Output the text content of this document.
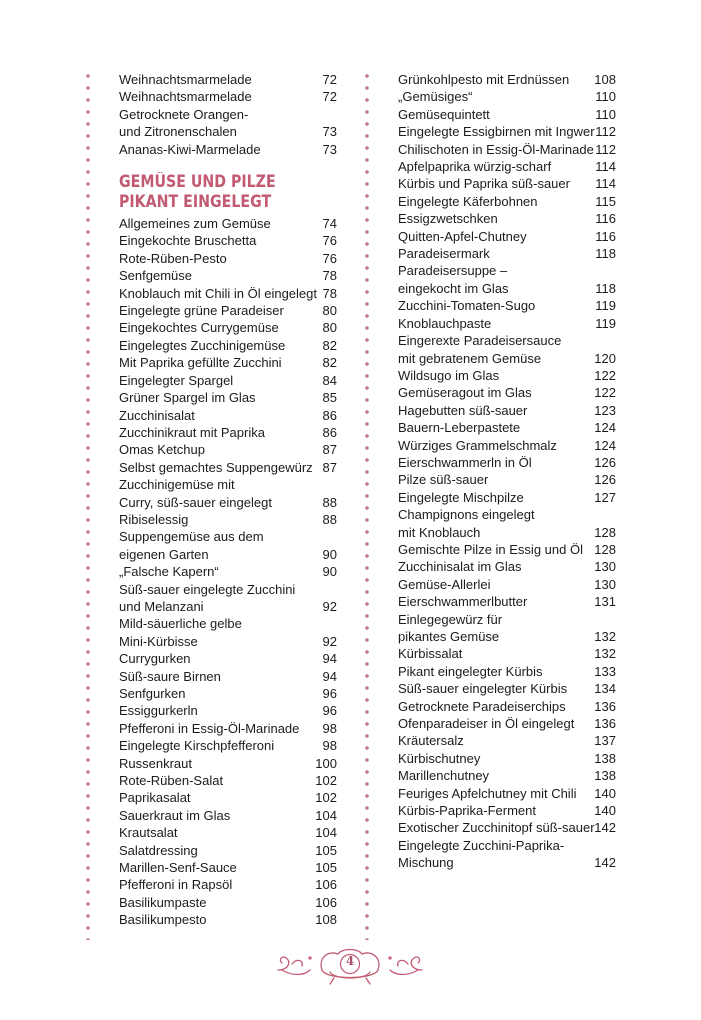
Weihnachtsmarmelade	72
Weihnachtsmarmelade	72
Getrocknete Orangen-
und Zitronenschalen	73
Ananas-Kiwi-Marmelade	73
GEMÜSE UND PILZE
PIKANT EINGELEGT
Allgemeines zum Gemüse	74
Eingekochte Bruschetta	76
Rote-Rüben-Pesto	76
Senfgemüse	78
Knoblauch mit Chili in Öl eingelegt 78
Eingelegte grüne Paradeiser	80
Eingekochtes Currygemüse	80
Eingelegtes Zucchinigemüse	82
Mit Paprika gefüllte Zucchini	82
Eingelegter Spargel	84
Grüner Spargel im Glas	85
Zucchinisalat	86
Zucchinikraut mit Paprika	86
Omas Ketchup	87
Selbst gemachtes Suppengewürz 87
Zucchinigemüse mit
Curry, süß-sauer eingelegt	88
Ribiselessig	88
Suppengemüse aus dem
eigenen Garten	90
„Falsche Kapern“	90
Süß-sauer eingelegte Zucchini
und Melanzani	92
Mild-säuerliche gelbe
Mini-Kürbisse	92
Currygurken	94
Süß-saure Birnen	94
Senfgurken	96
Essiggurkerln	96
Pfefferoni in Essig-Öl-Marinade	98
Eingelegte Kirschpfefferoni	98
Russenkraut	100
Rote-Rüben-Salat	102
Paprikasalat	102
Sauerkraut im Glas	104
Krautsalat	104
Salatdressing	105
Marillen-Senf-Sauce	105
Pfefferoni in Rapsöl	106
Basilikumpaste	106
Basilikumpesto	108
Grünkohlpesto mit Erdnüssen	108
„Gemüsiges“	110
Gemüsequintett	110
Eingelegte Essigbirnen mit Ingwer 112
Chilischoten in Essig-Öl-Marinade 112
Apfelpaprika würzig-scharf	114
Kürbis und Paprika süß-sauer	114
Eingelegte Käferbohnen	115
Essigzwetschken	116
Quitten-Apfel-Chutney	116
Paradeisermark	118
Paradeisersuppe –
eingekocht im Glas	118
Zucchini-Tomaten-Sugo	119
Knoblauchpaste	119
Eingerexte Paradeisersauce
mit gebratenem Gemüse	120
Wildsugo im Glas	122
Gemüseragout im Glas	122
Hagebutten süß-sauer	123
Bauern-Leberpastete	124
Würziges Grammelschmalz	124
Eierschwammerln in Öl	126
Pilze süß-sauer	126
Eingelegte Mischpilze	127
Champignons eingelegt
mit Knoblauch	128
Gemischte Pilze in Essig und Öl 128
Zucchinisalat im Glas	130
Gemüse-Allerlei	130
Eierschwammerlbutter	131
Einlegegewürz für
pikantes Gemüse	132
Kürbissalat	132
Pikant eingelegter Kürbis	133
Süß-sauer eingelegter Kürbis	134
Getrocknete Paradeiserchips	136
Ofenparadeiser in Öl eingelegt	136
Kräutersalz	137
Kürbischutney	138
Marillenchutney	138
Feuriges Apfelchutney mit Chili	140
Kürbis-Paprika-Ferment	140
Exotischer Zucchinitopf süß-sauer 142
Eingelegte Zucchini-Paprika-
Mischung	142
4
